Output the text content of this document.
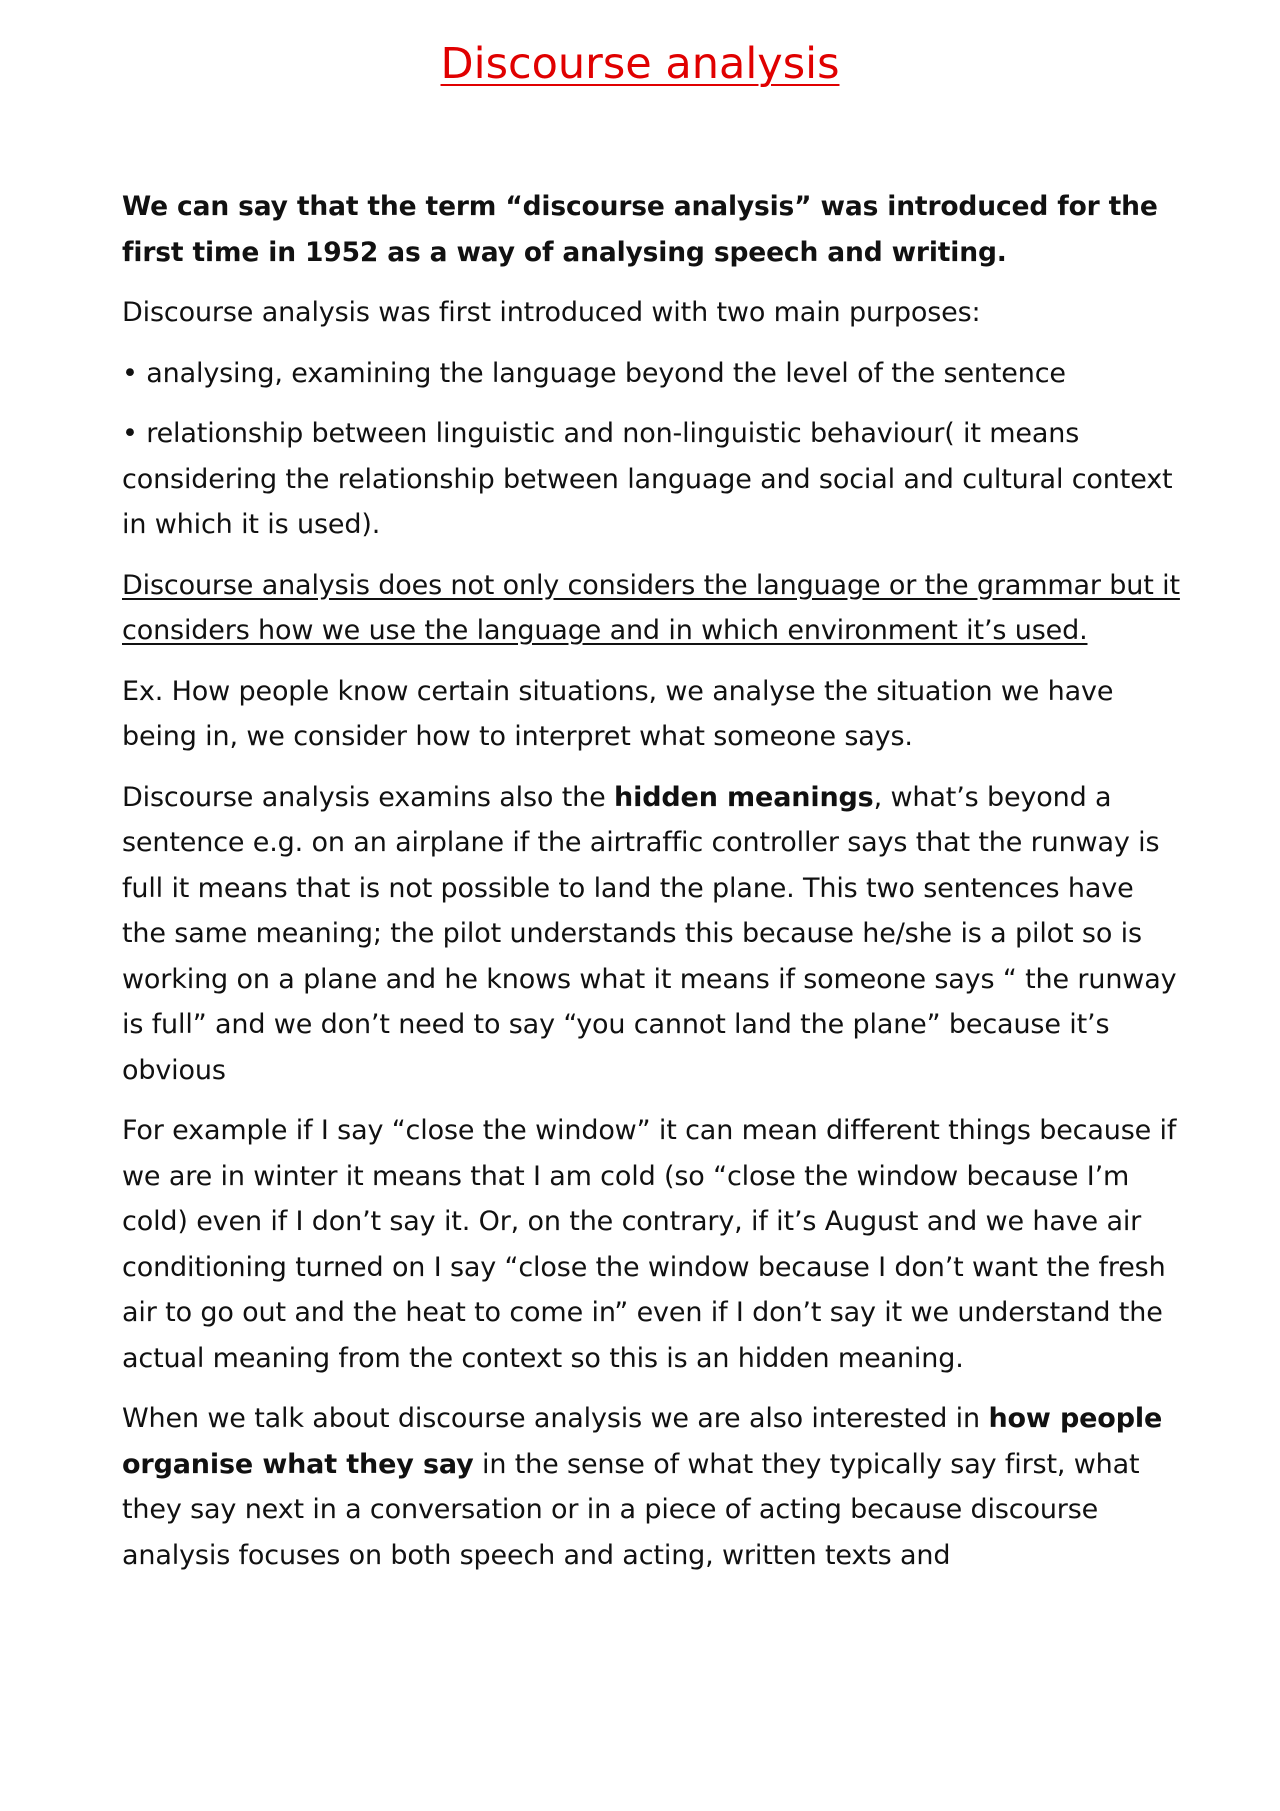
Discourse analysis

We can say that the term “discourse analysis” was introduced for the first time in 1952 as a way of analysing speech and writing.

Discourse analysis was first introduced with two main purposes:

• analysing, examining the language beyond the level of the sentence

• relationship between linguistic and non-linguistic behaviour( it means considering the relationship between language and social and cultural context in which it is used).

Discourse analysis does not only considers the language or the grammar but it considers how we use the language and in which environment it’s used.

Ex. How people know certain situations, we analyse the situation we have being in, we consider how to interpret what someone says.

Discourse analysis examins also the hidden meanings, what’s beyond a sentence e.g. on an airplane if the airtraffic controller says that the runway is full it means that is not possible to land the plane. This two sentences have the same meaning; the pilot understands this because he/she is a pilot so is working on a plane and he knows what it means if someone says “ the runway is full” and we don’t need to say “you cannot land the plane” because it’s obvious

For example if I say “close the window” it can mean different things because if we are in winter it means that I am cold (so “close the window because I’m cold) even if I don’t say it. Or, on the contrary, if it’s August and we have air conditioning turned on I say “close the window because I don’t want the fresh air to go out and the heat to come in” even if I don’t say it we understand the actual meaning from the context so this is an hidden meaning.

When we talk about discourse analysis we are also interested in how people organise what they say in the sense of what they typically say first, what they say next in a conversation or in a piece of acting because discourse analysis focuses on both speech and acting, written texts and
